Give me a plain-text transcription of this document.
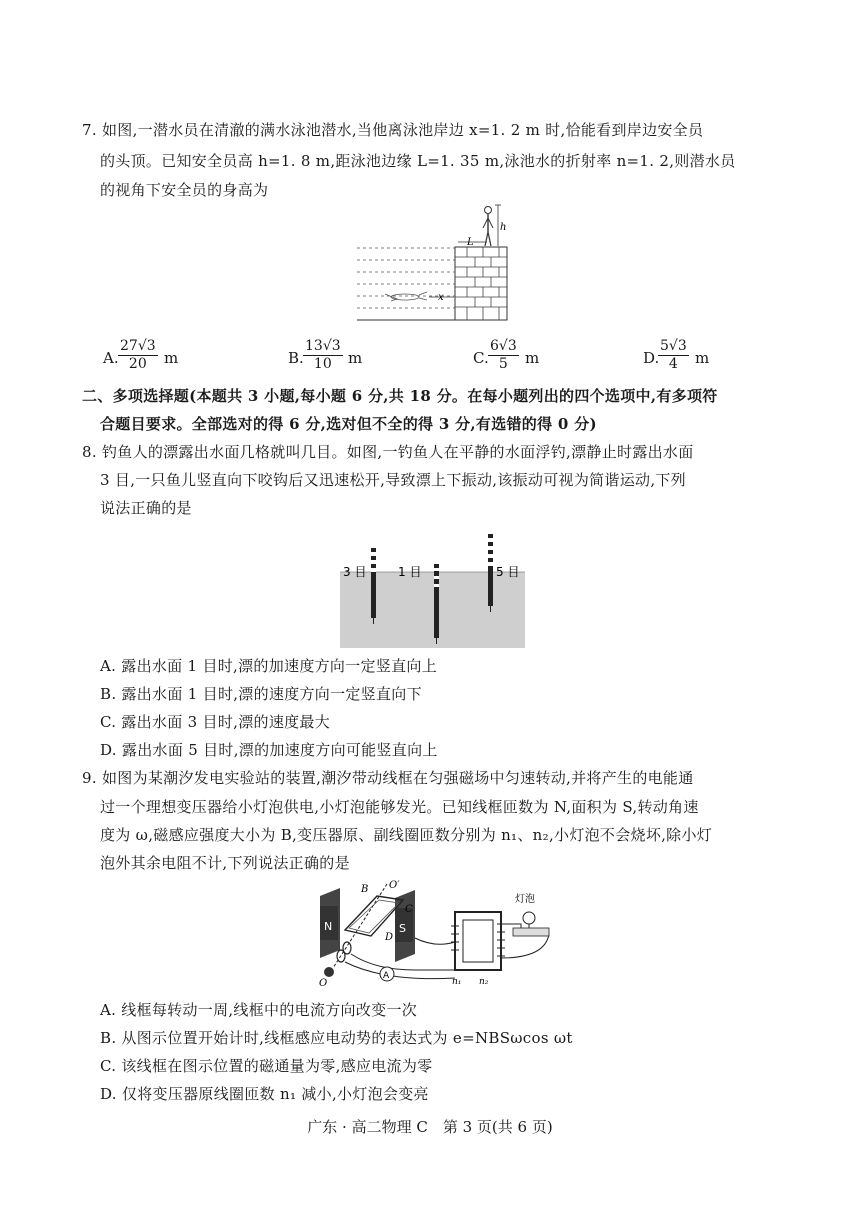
7. 如图,一潜水员在清澈的满水泳池潜水,当他离泳池岸边 x=1. 2 m 时,恰能看到岸边安全员
的头顶。已知安全员高 h=1. 8 m,距泳池边缘 L=1. 35 m,泳池水的折射率 n=1. 2,则潜水员
的视角下安全员的身高为
h
L
x
A. $\frac{27√3}{20}$ m	B. $\frac{13√3}{10}$ m	C. $\frac{6√3}{5}$ m	D.
$\frac{5√3}{4}$ m
二、多项选择题(本题共 3 小题,每小题 6 分,共 18 分。在每小题列出的四个选项中,有多项符
合题目要求。全部选对的得 6 分,选对但不全的得 3 分,有选错的得 0 分)
8. 钓鱼人的漂露出水面几格就叫几目。如图,一钓鱼人在平静的水面浮钓,漂静止时露出水面
3 目,一只鱼儿竖直向下咬钩后又迅速松开,导致漂上下振动,该振动可视为简谐运动,下列
说法正确的是
3 目	1 目	5 目
A. 露出水面 1 目时,漂的加速度方向一定竖直向上
B. 露出水面 1 目时,漂的速度方向一定竖直向下
C. 露出水面 3 目时,漂的速度最大
D. 露出水面 5 目时,漂的加速度方向可能竖直向上
9. 如图为某潮汐发电实验站的装置,潮汐带动线框在匀强磁场中匀速转动,并将产生的电能通
过一个理想变压器给小灯泡供电,小灯泡能够发光。已知线框匝数为 N,面积为 S,转动角速
度为 ω,磁感应强度大小为 B,变压器原、副线圈匝数分别为 n₁、n₂,小灯泡不会烧坏,除小灯
泡外其余电阻不计,下列说法正确的是
N	S
B O′
C
D
O
A
n₁ n₂
灯泡
A. 线框每转动一周,线框中的电流方向改变一次
B. 从图示位置开始计时,线框感应电动势的表达式为 e=NBSωcos ωt
C. 该线框在图示位置的磁通量为零,感应电流为零
D. 仅将变压器原线圈匝数 n₁ 减小,小灯泡会变亮
广东 · 高二物理 C　第 3 页(共 6 页)
